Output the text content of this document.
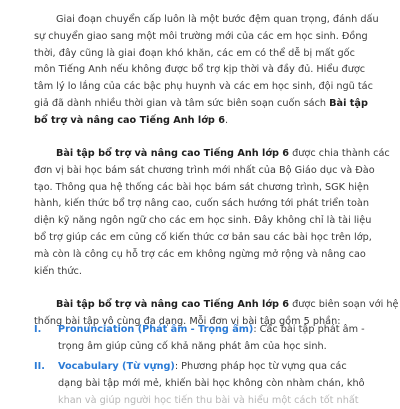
Giai đoạn chuyển cấp luôn là một bước đệm quan trọng, đánh dấu
sự chuyển giao sang một môi trường mới của các em học sinh. Đồng
thời, đây cũng là giai đoạn khó khăn, các em có thể dễ bị mất gốc
môn Tiếng Anh nếu không được bổ trợ kịp thời và đầy đủ. Hiểu được
tâm lý lo lắng của các bậc phụ huynh và các em học sinh, đội ngũ tác
giả đã dành nhiều thời gian và tâm sức biên soạn cuốn sách Bài tập
bổ trợ và nâng cao Tiếng Anh lớp 6.

Bài tập bổ trợ và nâng cao Tiếng Anh lớp 6 được chia thành các
đơn vị bài học bám sát chương trình mới nhất của Bộ Giáo dục và Đào
tạo. Thông qua hệ thống các bài học bám sát chương trình, SGK hiện
hành, kiến thức bổ trợ nâng cao, cuốn sách hướng tới phát triển toàn
diện kỹ năng ngôn ngữ cho các em học sinh. Đây không chỉ là tài liệu
bổ trợ giúp các em củng cố kiến thức cơ bản sau các bài học trên lớp,
mà còn là công cụ hỗ trợ các em không ngừng mở rộng và nâng cao
kiến thức.

Bài tập bổ trợ và nâng cao Tiếng Anh lớp 6 được biên soạn với hệ
thống bài tập vô cùng đa dạng. Mỗi đơn vị bài tập gồm 5 phần:

I. Pronunciation (Phát âm - Trọng âm): Các bài tập phát âm -
trọng âm giúp củng cố khả năng phát âm của học sinh.
II. Vocabulary (Từ vựng): Phương pháp học từ vựng qua các
dạng bài tập mới mẻ, khiến bài học không còn nhàm chán, khô
khan và giúp người học tiến thu bài và hiểu một cách tốt nhất
